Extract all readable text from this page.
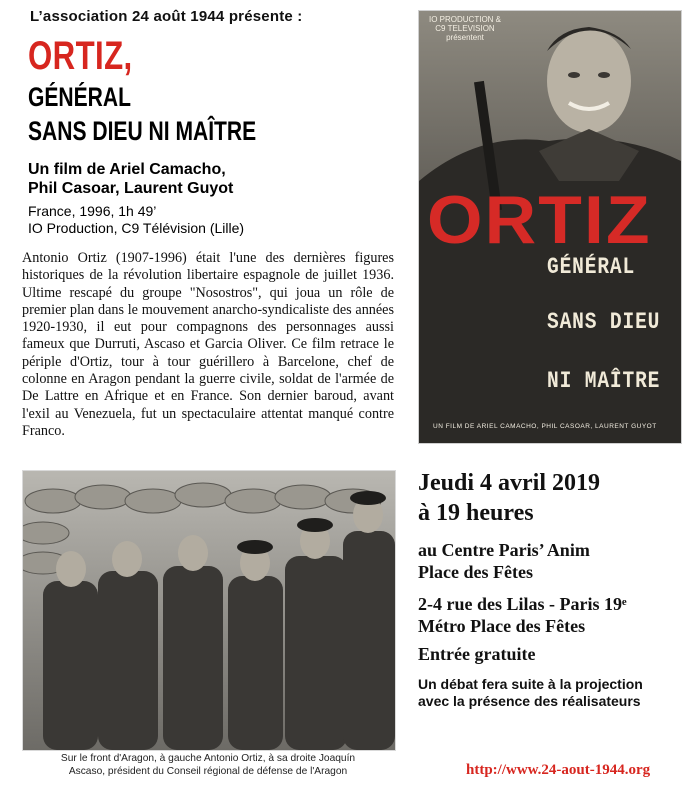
L’association 24 août 1944 présente :
ORTIZ,
GÉNÉRAL
SANS DIEU NI MAÎTRE
Un film de Ariel Camacho,
Phil Casoar, Laurent Guyot
France, 1996, 1h 49’
IO Production, C9 Télévision (Lille)
Antonio Ortiz (1907-1996) était l'une des dernières figures historiques de la révolution libertaire espagnole de juillet 1936. Ultime rescapé du groupe "Nosostros", qui joua un rôle de premier plan dans le mouvement anarcho-syndicaliste des années 1920-1930, il eut pour compagnons des personnages aussi fameux que Durruti, Ascaso et Garcia Oliver. Ce film retrace le périple d'Ortiz, tour à tour guérillero à Barcelone, chef de colonne en Aragon pendant la guerre civile, soldat de l'armée de De Lattre en Afrique et en France. Son dernier baroud, avant l'exil au Venezuela, fut un spectaculaire attentat manqué contre Franco.
IO PRODUCTION & C9 TELEVISION présentent
ORTIZ
GÉNÉRAL
SANS DIEU
NI MAÎTRE
UN FILM DE ARIEL CAMACHO, PHIL CASOAR, LAURENT GUYOT
Sur le front d'Aragon, à gauche Antonio Ortiz, à sa droite Joaquín
Ascaso, président du Conseil régional de défense de l'Aragon
Jeudi 4 avril 2019
à 19 heures
au Centre Paris’ Anim
Place des Fêtes
2-4 rue des Lilas - Paris 19ᵉ
Métro Place des Fêtes
Entrée gratuite
Un débat fera suite à la projection
avec la présence des réalisateurs
http://www.24-aout-1944.org
